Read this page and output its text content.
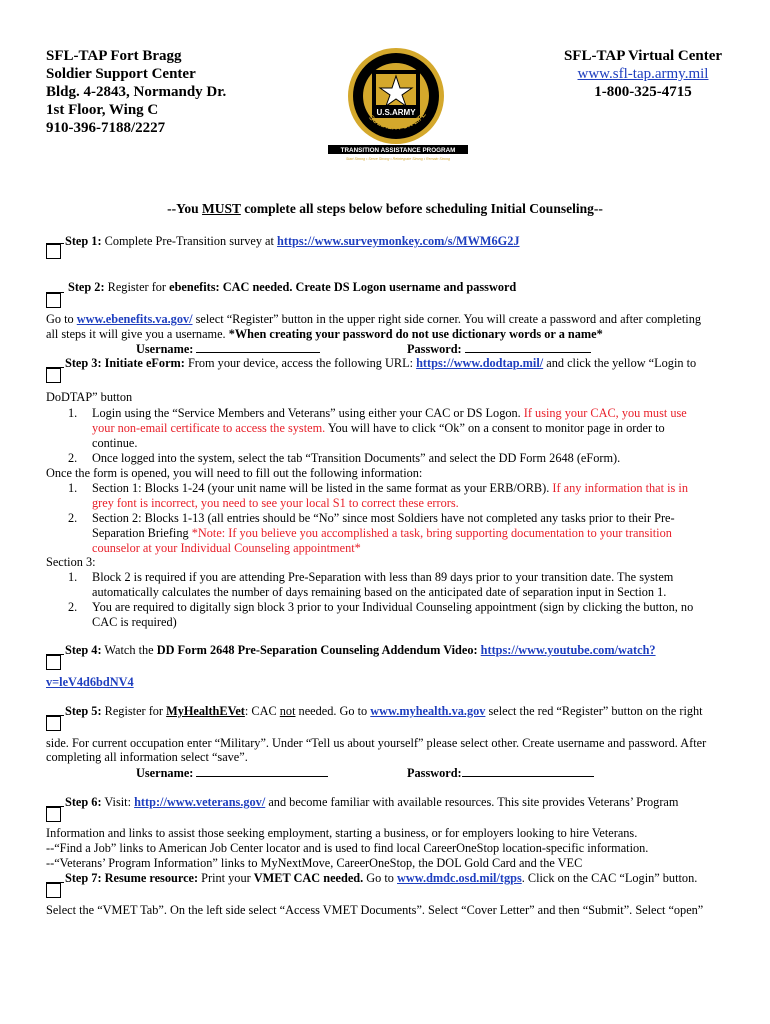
SFL-TAP Fort Bragg
Soldier Support Center
Bldg. 4-2843, Normandy Dr.
1st Floor, Wing C
910-396-7188/2227
SFL-TAP Virtual Center
www.sfl-tap.army.mil
1-800-325-4715
U.S.ARMY
SOLDIER FOR LIFE
TRANSITION ASSISTANCE PROGRAM
Start Strong • Serve Strong • Reintegrate Strong • Remain Strong
--You MUST complete all steps below before scheduling Initial Counseling--
Step 1: Complete Pre-Transition survey at https://www.surveymonkey.com/s/MWM6G2J
Step 2: Register for ebenefits: CAC needed. Create DS Logon username and password
Go to www.ebenefits.va.gov/ select “Register” button in the upper right side corner. You will create a password and after completing
all steps it will give you a username. *When creating your password do not use dictionary words or a name*
Username:	Password:
Step 3: Initiate eForm: From your device, access the following URL: https://www.dodtap.mil/ and click the yellow “Login to
DoDTAP” button
1. Login using the “Service Members and Veterans” using either your CAC or DS Logon. If using your CAC, you must use
your non-email certificate to access the system. You will have to click “Ok” on a consent to monitor page in order to
continue.
2. Once logged into the system, select the tab “Transition Documents” and select the DD Form 2648 (eForm).
Once the form is opened, you will need to fill out the following information:
1. Section 1: Blocks 1-24 (your unit name will be listed in the same format as your ERB/ORB). If any information that is in
grey font is incorrect, you need to see your local S1 to correct these errors.
2. Section 2: Blocks 1-13 (all entries should be “No” since most Soldiers have not completed any tasks prior to their Pre-
Separation Briefing *Note: If you believe you accomplished a task, bring supporting documentation to your transition
counselor at your Individual Counseling appointment*
Section 3:
1. Block 2 is required if you are attending Pre-Separation with less than 89 days prior to your transition date. The system
automatically calculates the number of days remaining based on the anticipated date of separation input in Section 1.
2. You are required to digitally sign block 3 prior to your Individual Counseling appointment (sign by clicking the button, no
CAC is required)
Step 4: Watch the DD Form 2648 Pre-Separation Counseling Addendum Video: https://www.youtube.com/watch?
v=leV4d6bdNV4
Step 5: Register for MyHealthEVet: CAC not needed. Go to www.myhealth.va.gov select the red “Register” button on the right
side. For current occupation enter “Military”. Under “Tell us about yourself” please select other. Create username and password. After
completing all information select “save”.
Username:	Password:
Step 6: Visit: http://www.veterans.gov/ and become familiar with available resources. This site provides Veterans’ Program
Information and links to assist those seeking employment, starting a business, or for employers looking to hire Veterans.
--“Find a Job” links to American Job Center locator and is used to find local CareerOneStop location-specific information.
--“Veterans’ Program Information” links to MyNextMove, CareerOneStop, the DOL Gold Card and the VEC
Step 7: Resume resource: Print your VMET CAC needed. Go to www.dmdc.osd.mil/tgps. Click on the CAC “Login” button.
Select the “VMET Tab”. On the left side select “Access VMET Documents”. Select “Cover Letter” and then “Submit”. Select “open”
